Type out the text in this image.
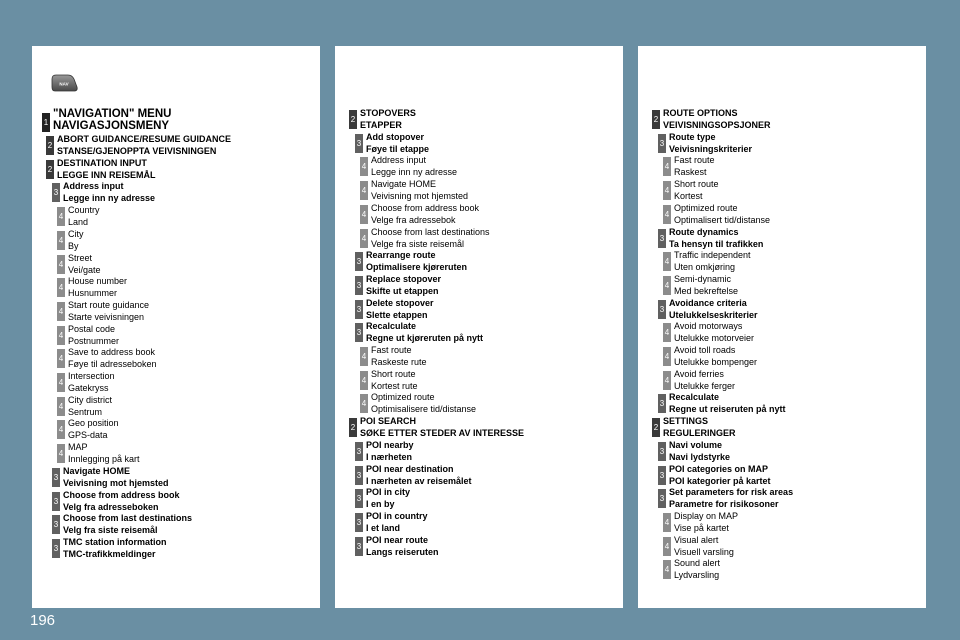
NAV
1
"NAVIGATION" MENU
NAVIGASJONSMENY
2
ABORT GUIDANCE/RESUME GUIDANCE
STANSE/GJENOPPTA VEIVISNINGEN
2
DESTINATION INPUT
LEGGE INN REISEMÅL
3
Address input
Legge inn ny adresse
4
Country
Land
4
City
By
4
Street
Vei/gate
4
House number
Husnummer
4
Start route guidance
Starte veivisningen
4
Postal code
Postnummer
4
Save to address book
Føye til adresseboken
4
Intersection
Gatekryss
4
City district
Sentrum
4
Geo position
GPS-data
4
MAP
Innlegging på kart
3
Navigate HOME
Veivisning mot hjemsted
3
Choose from address book
Velg fra adresseboken
3
Choose from last destinations
Velg fra siste reisemål
3
TMC station information
TMC-trafikkmeldinger
2
STOPOVERS
ETAPPER
3
Add stopover
Føye til etappe
4
Address input
Legge inn ny adresse
4
Navigate HOME
Veivisning mot hjemsted
4
Choose from address book
Velge fra adressebok
4
Choose from last destinations
Velge fra siste reisemål
3
Rearrange route
Optimalisere kjøreruten
3
Replace stopover
Skifte ut etappen
3
Delete stopover
Slette etappen
3
Recalculate
Regne ut kjøreruten på nytt
4
Fast route
Raskeste rute
4
Short route
Kortest rute
4
Optimized route
Optimisalisere tid/distanse
2
POI SEARCH
SØKE ETTER STEDER AV INTERESSE
3
POI nearby
I nærheten
3
POI near destination
I nærheten av reisemålet
3
POI in city
I en by
3
POI in country
I et land
3
POI near route
Langs reiseruten
2
ROUTE OPTIONS
VEIVISNINGSOPSJONER
3
Route type
Veivisningskriterier
4
Fast route
Raskest
4
Short route
Kortest
4
Optimized route
Optimalisert tid/distanse
3
Route dynamics
Ta hensyn til trafikken
4
Traffic independent
Uten omkjøring
4
Semi-dynamic
Med bekreftelse
3
Avoidance criteria
Utelukkelseskriterier
4
Avoid motorways
Utelukke motorveier
4
Avoid toll roads
Utelukke bompenger
4
Avoid ferries
Utelukke ferger
3
Recalculate
Regne ut reiseruten på nytt
2
SETTINGS
REGULERINGER
3
Navi volume
Navi lydstyrke
3
POI categories on MAP
POI kategorier på kartet
3
Set parameters for risk areas
Parametre for risikosoner
4
Display on MAP
Vise på kartet
4
Visual alert
Visuell varsling
4
Sound alert
Lydvarsling
196
